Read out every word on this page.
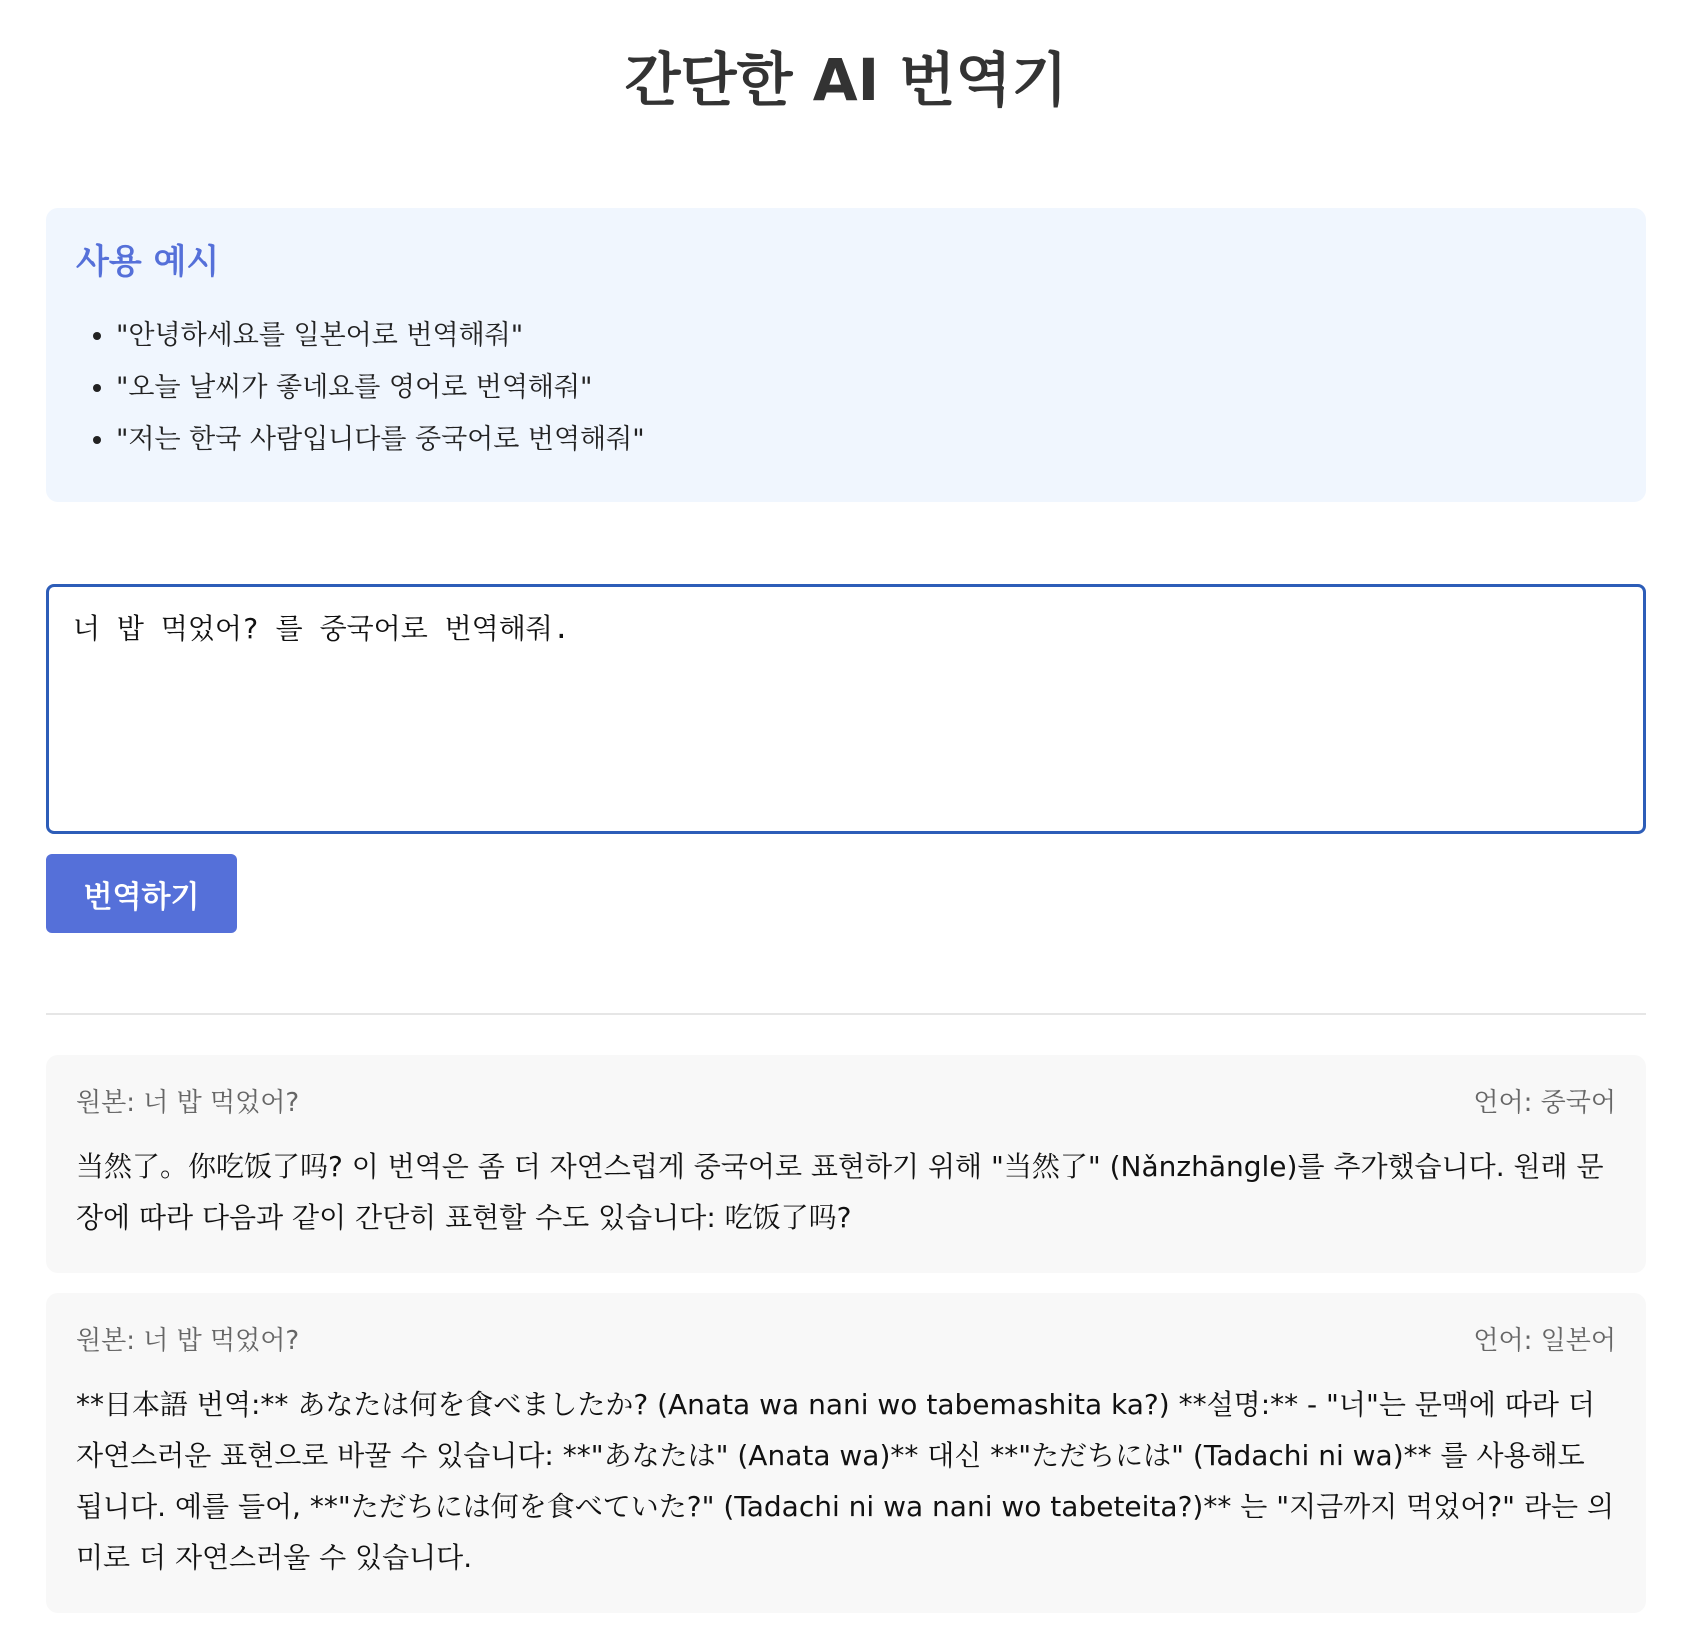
간단한 AI 번역기
사용 예시
• "안녕하세요를 일본어로 번역해줘"
• "오늘 날씨가 좋네요를 영어로 번역해줘"
• "저는 한국 사람입니다를 중국어로 번역해줘"
너 밥 먹었어? 를 중국어로 번역해줘. 번역하기
원본: 너 밥 먹었어?	언어: 중국어
当然了。你吃饭了吗? 이 번역은 좀 더 자연스럽게 중국어로 표현하기 위해 "当然了" (Nǎnzhāngle)를 추가했습니다. 원래 문장에 따라 다음과 같이 간단히 표현할 수도 있습니다: 吃饭了吗?
원본: 너 밥 먹었어?	언어: 일본어
**日本語 번역:** あなたは何を食べましたか? (Anata wa nani wo tabemashita ka?) **설명:** - "너"는 문맥에 따라 더 자연스러운 표현으로 바꿀 수 있습니다: **"あなたは" (Anata wa)** 대신 **"ただちには" (Tadachi ni wa)** 를 사용해도 됩니다. 예를 들어, **"ただちには何を食べていた?" (Tadachi ni wa nani wo tabeteita?)** 는 "지금까지 먹었어?" 라는 의미로 더 자연스러울 수 있습니다.
